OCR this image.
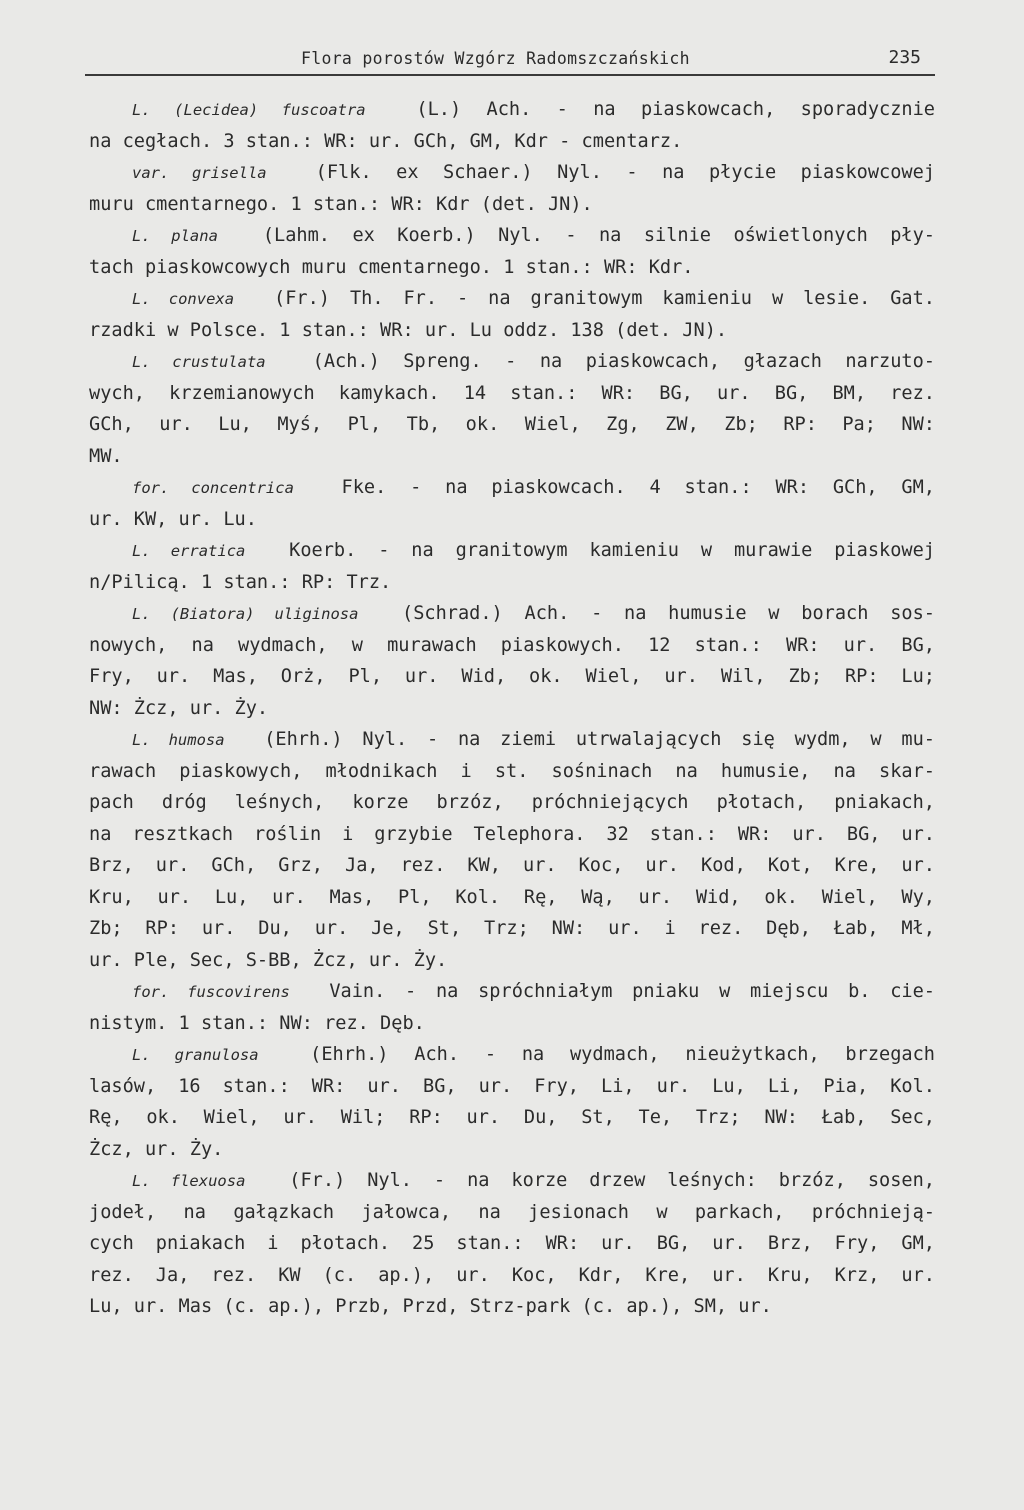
Flora porostów Wzgórz Radomszczańskich	235
L. (Lecidea) fuscoatra	(L.) Ach. - na piaskowcach, sporadycznie
na cegłach. 3 stan.: WR: ur. GCh, GM, Kdr - cmentarz.
var. grisella	(Flk. ex Schaer.) Nyl. - na płycie piaskowcowej
muru cmentarnego. 1 stan.: WR: Kdr (det. JN).
L. plana (Lahm. ex Koerb.) Nyl. - na silnie oświetlonych pły-
tach piaskowcowych muru cmentarnego. 1 stan.: WR: Kdr.
L. convexa (Fr.) Th. Fr. - na granitowym kamieniu w lesie. Gat.
rzadki w Polsce. 1 stan.: WR: ur. Lu oddz. 138 (det. JN).
L. crustulata	(Ach.) Spreng. - na piaskowcach, głazach narzuto-
wych, krzemianowych kamykach. 14 stan.: WR: BG, ur. BG, BM, rez.
GCh, ur. Lu, Myś, Pl, Tb, ok. Wiel, Zg, ZW, Zb; RP: Pa; NW:
MW.
for. concentrica	Fke. - na piaskowcach. 4 stan.: WR: GCh, GM,
ur. KW, ur. Lu.
L. erratica Koerb. - na granitowym kamieniu w murawie piaskowej
n/Pilicą. 1 stan.: RP: Trz.
L. (Biatora) uliginosa (Schrad.) Ach. - na humusie w borach sos-
nowych, na wydmach, w murawach piaskowych. 12 stan.: WR: ur. BG,
Fry, ur. Mas, Orż, Pl, ur. Wid, ok. Wiel, ur. Wil, Zb; RP: Lu;
NW: Żcz, ur. Ży.
L. humosa (Ehrh.) Nyl. - na ziemi utrwalających się wydm, w mu-
rawach piaskowych, młodnikach i st. sośninach na humusie, na skar-
pach dróg leśnych, korze brzóz, próchniejących płotach, pniakach,
na resztkach roślin i grzybie Telephora. 32 stan.: WR: ur. BG, ur.
Brz, ur. GCh, Grz, Ja, rez. KW, ur. Koc, ur. Kod, Kot, Kre, ur.
Kru, ur. Lu, ur. Mas, Pl, Kol. Rę, Wą, ur. Wid, ok. Wiel, Wy,
Zb; RP: ur. Du, ur. Je, St, Trz; NW: ur. i rez. Dęb, Łab, Mł,
ur. Ple, Sec, S-BB, Żcz, ur. Ży.
for. fuscovirens Vain. - na spróchniałym pniaku w miejscu b. cie-
nistym. 1 stan.: NW: rez. Dęb.
L. granulosa	(Ehrh.) Ach. - na wydmach, nieużytkach, brzegach
lasów, 16 stan.: WR: ur. BG, ur. Fry, Li, ur. Lu, Li, Pia, Kol.
Rę, ok. Wiel, ur. Wil; RP: ur. Du, St, Te, Trz; NW: Łab, Sec,
Żcz, ur. Ży.
L. flexuosa (Fr.) Nyl. - na korze drzew leśnych: brzóz, sosen,
jodeł, na gałązkach jałowca, na jesionach w parkach, próchnieją-
cych pniakach i płotach. 25 stan.: WR: ur. BG, ur. Brz, Fry, GM,
rez. Ja, rez. KW (c. ap.), ur. Koc, Kdr, Kre, ur. Kru, Krz, ur.
Lu, ur. Mas (c. ap.), Przb, Przd, Strz-park (c. ap.), SM, ur.
